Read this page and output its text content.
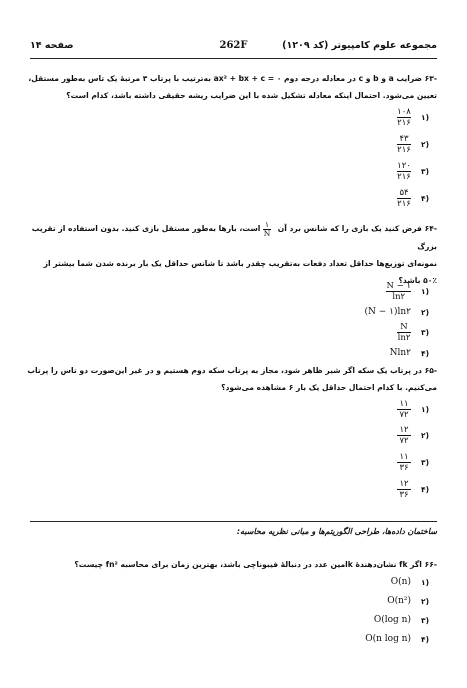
مجموعه علوم کامپیوتر (کد ۱۲۰۹)
262F
صفحه ۱۴
-۶۳ ضرایب a و b و c در معادله درجه دوم ax² + bx + c = ۰ به‌ترتیب با پرتاب ۳ مرتبهٔ یک تاس به‌طور مستقل،
تعیین می‌شود. احتمال اینکه معادله تشکیل شده با این ضرایب ریشه حقیقی داشته باشد، کدام است؟
(۱
$\frac{۱۰۸}{۲۱۶}$
(۲
$\frac{۴۳}{۲۱۶}$
(۳
$\frac{۱۲۰}{۲۱۶}$
(۴
$\frac{۵۴}{۲۱۶}$
-۶۴ فرض کنید یک بازی را که شانس برد آن
$\frac{۱}{N}$
است، بارها به‌طور مستقل بازی کنید. بدون استفاده از تقریب بزرگ
نمونه‌ای توزیع‌ها حداقل تعداد دفعات به‌تقریب چقدر باشد تا شانس حداقل یک بار برنده شدن شما بیشتر از
۵۰٪ باشد؟
(۱
$\frac{N - ۱}{\ln ۲}$
(۲
(N − ۱)ln۲
(۳
$\frac{N}{\ln ۲}$
(۴
Nln۲
-۶۵ در پرتاب یک سکه اگر شیر ظاهر شود، مجاز به پرتاب سکه دوم هستیم و در غیر این‌صورت دو تاس را پرتاب
می‌کنیم. با کدام احتمال حداقل یک بار ۶ مشاهده می‌شود؟
(۱
$\frac{۱۱}{۷۲}$
(۲
$\frac{۱۲}{۷۲}$
(۳
$\frac{۱۱}{۳۶}$
(۴
$\frac{۱۲}{۳۶}$
ساختمان داده‌ها، طراحی الگوریتم‌ها و مبانی نظریه محاسبه:
-۶۶ اگر fk نشان‌دهندهٔ kامین عدد در دنبالهٔ فیبوناچی باشد، بهترین زمان برای محاسبه fn² چیست؟
(۱
O(n)
(۲
O(n²)
(۳
O(log n)
(۴
O(n log n)
